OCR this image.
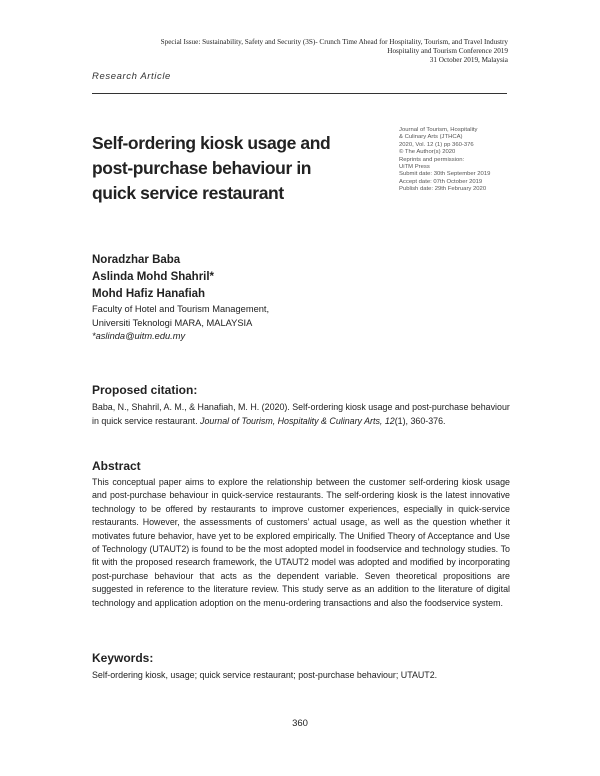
Special Issue: Sustainability, Safety and Security (3S)- Crunch Time Ahead for Hospitality, Tourism, and Travel Industry
Hospitality and Tourism Conference 2019
31 October 2019, Malaysia
Research Article
Self-ordering kiosk usage and
post-purchase behaviour in
quick service restaurant
Journal of Tourism, Hospitality
& Culinary Arts (JTHCA)
2020, Vol. 12 (1) pp 360-376
© The Author(s) 2020
Reprints and permission:
UiTM Press
Submit date: 30th September 2019
Accept date: 07th October 2019
Publish date: 29th February 2020
Noradzhar Baba
Aslinda Mohd Shahril*
Mohd Hafiz Hanafiah
Faculty of Hotel and Tourism Management,
Universiti Teknologi MARA, MALAYSIA
*aslinda@uitm.edu.my
Proposed citation:
Baba, N., Shahril, A. M., & Hanafiah, M. H. (2020). Self-ordering kiosk usage and post-purchase behaviour in quick service restaurant. Journal of Tourism, Hospitality & Culinary Arts, 12(1), 360-376.
Abstract
This conceptual paper aims to explore the relationship between the customer self-ordering kiosk usage and post-purchase behaviour in quick-service restaurants. The self-ordering kiosk is the latest innovative technology to be offered by restaurants to improve customer experiences, especially in quick-service restaurants. However, the assessments of customers’ actual usage, as well as the question whether it motivates future behavior, have yet to be explored empirically. The Unified Theory of Acceptance and Use of Technology (UTAUT2) is found to be the most adopted model in foodservice and technology studies. To fit with the proposed research framework, the UTAUT2 model was adopted and modified by incorporating post-purchase behaviour that acts as the dependent variable. Seven theoretical propositions are suggested in reference to the literature review. This study serve as an addition to the literature of digital technology and application adoption on the menu-ordering transactions and also the foodservice system.
Keywords:
Self-ordering kiosk, usage; quick service restaurant; post-purchase behaviour; UTAUT2.
360
